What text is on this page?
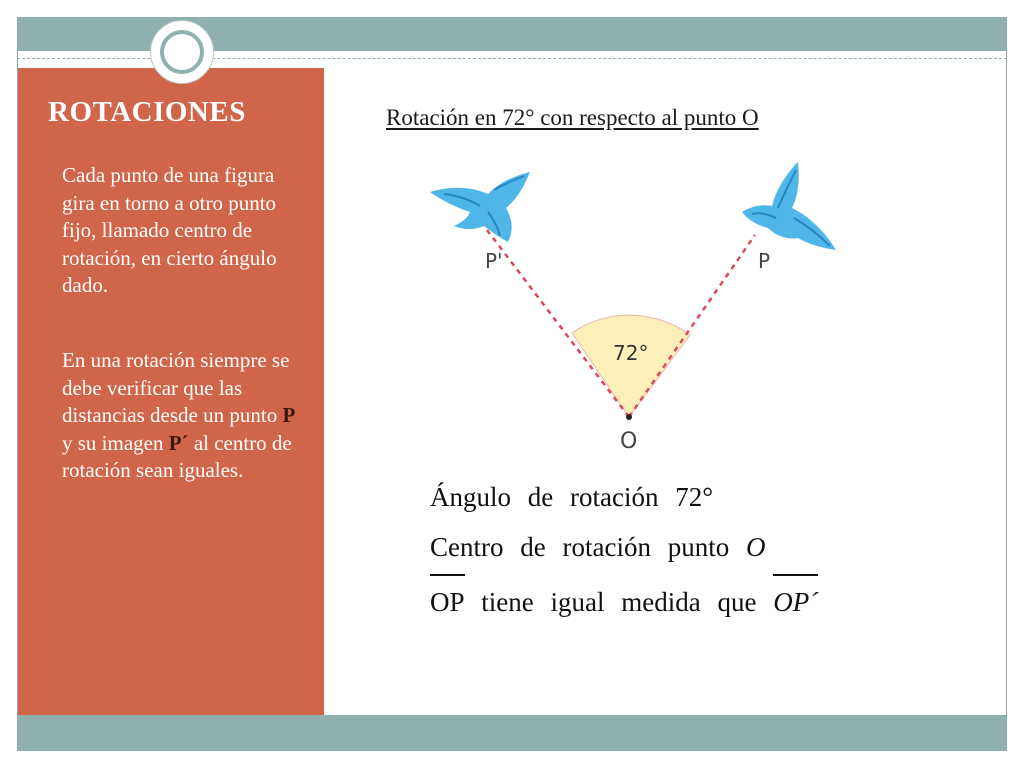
ROTACIONES
Cada punto de una figura gira en torno a otro punto fijo, llamado centro de rotación, en cierto ángulo dado.
En una rotación siempre se debe verificar que las distancias desde un punto P y su imagen P´ al centro de rotación sean iguales.
Rotación en 72° con respecto al punto O
72°
P'	P
O
Ángulo de rotación 72°
Centro de rotación punto O
OP tiene igual medida que OP´
